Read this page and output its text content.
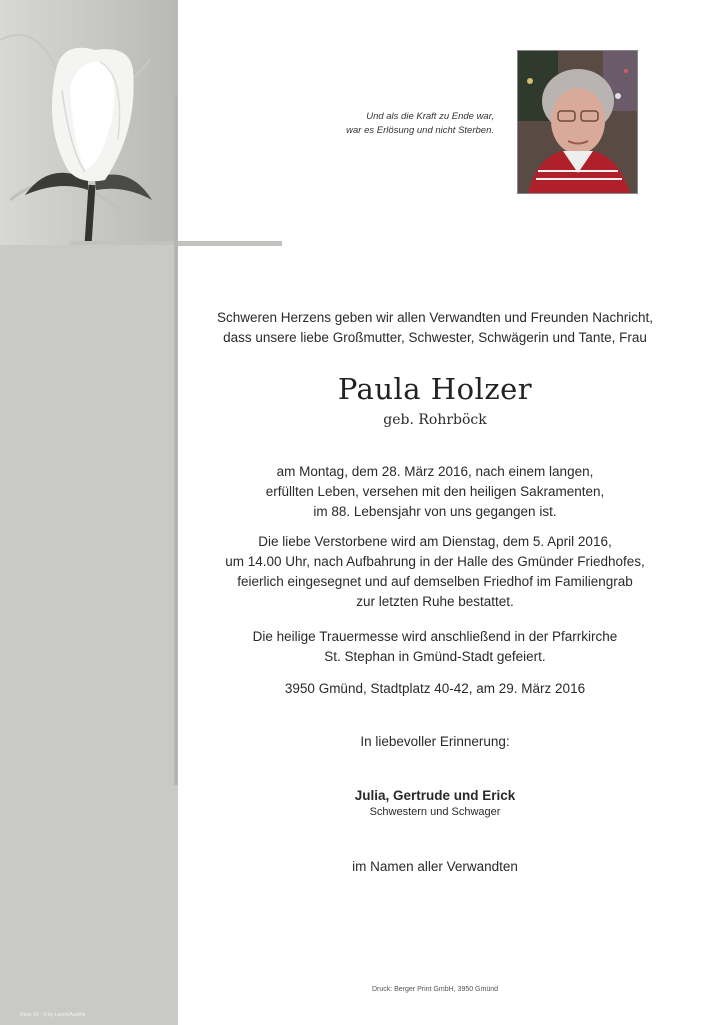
Und als die Kraft zu Ende war,
war es Erlösung und nicht Sterben.
Schweren Herzens geben wir allen Verwandten und Freunden Nachricht,
dass unsere liebe Großmutter, Schwester, Schwägerin und Tante, Frau
Paula Holzer
geb. Rohrböck
am Montag, dem 28. März 2016, nach einem langen,
erfüllten Leben, versehen mit den heiligen Sakramenten,
im 88. Lebensjahr von uns gegangen ist.
Die liebe Verstorbene wird am Dienstag, dem 5. April 2016,
um 14.00 Uhr, nach Aufbahrung in der Halle des Gmünder Friedhofes,
feierlich eingesegnet und auf demselben Friedhof im Familiengrab
zur letzten Ruhe bestattet.
Die heilige Trauermesse wird anschließend in der Pfarrkirche
St. Stephan in Gmünd-Stadt gefeiert.
3950 Gmünd, Stadtplatz 40-42, am 29. März 2016
In liebevoller Erinnerung:
Julia, Gertrude und Erick
Schwestern und Schwager
im Namen aller Verwandten
Druck: Berger Print GmbH, 3950 Gmünd
Rose 40 - © by Lesch/Austria
